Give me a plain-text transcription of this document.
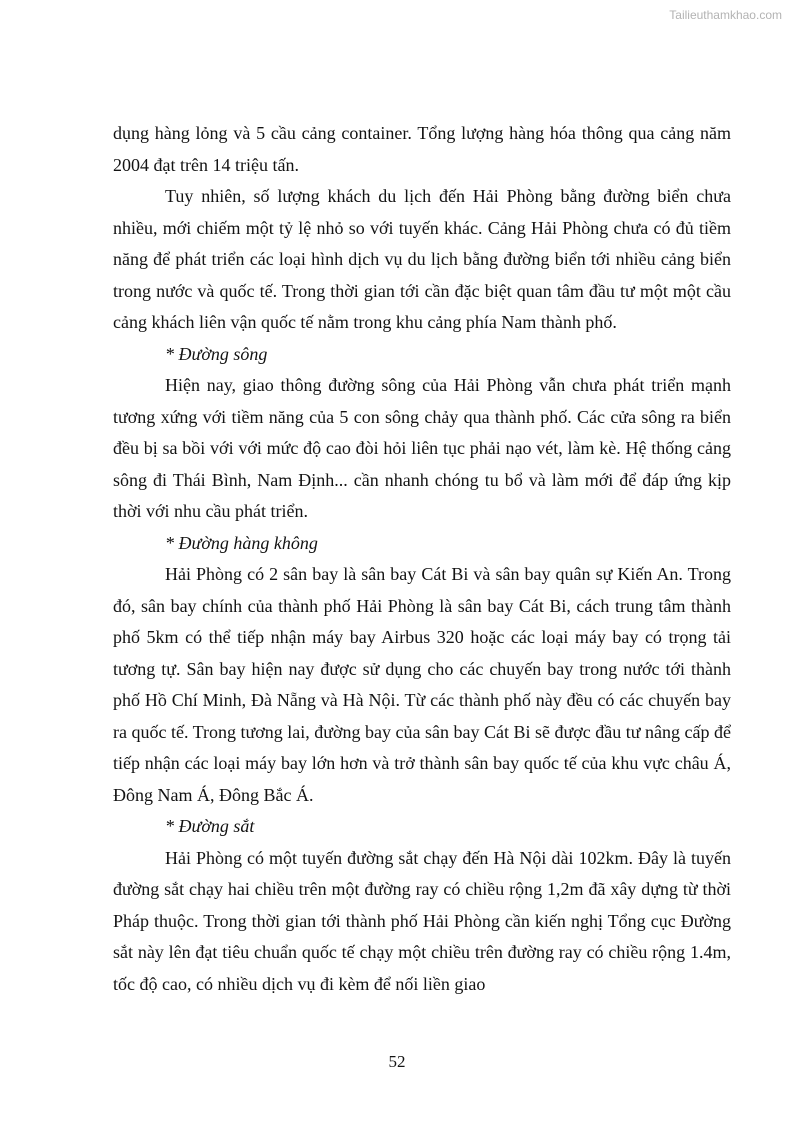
Tailieuthamkhao.com

dụng hàng lỏng và 5 cầu cảng container. Tổng lượng hàng hóa thông qua cảng năm 2004 đạt trên 14 triệu tấn.

Tuy nhiên, số lượng khách du lịch đến Hải Phòng bằng đường biển chưa nhiều, mới chiếm một tỷ lệ nhỏ so với tuyến khác. Cảng Hải Phòng chưa có đủ tiềm năng để phát triển các loại hình dịch vụ du lịch bằng đường biển tới nhiều cảng biển trong nước và quốc tế. Trong thời gian tới cần đặc biệt quan tâm đầu tư một một cầu cảng khách liên vận quốc tế nằm trong khu cảng phía Nam thành phố.

* Đường sông

Hiện nay, giao thông đường sông của Hải Phòng vẫn chưa phát triển mạnh tương xứng với tiềm năng của 5 con sông chảy qua thành phố. Các cửa sông ra biển đều bị sa bồi với với mức độ cao đòi hỏi liên tục phải nạo vét, làm kè. Hệ thống cảng sông đi Thái Bình, Nam Định... cần nhanh chóng tu bổ và làm mới để đáp ứng kịp thời với nhu cầu phát triển.

* Đường hàng không

Hải Phòng có 2 sân bay là sân bay Cát Bi và sân bay quân sự Kiến An. Trong đó, sân bay chính của thành phố Hải Phòng là sân bay Cát Bi, cách trung tâm thành phố 5km có thể tiếp nhận máy bay Airbus 320 hoặc các loại máy bay có trọng tải tương tự. Sân bay hiện nay được sử dụng cho các chuyến bay trong nước tới thành phố Hồ Chí Minh, Đà Nẵng và Hà Nội. Từ các thành phố này đều có các chuyến bay ra quốc tế. Trong tương lai, đường bay của sân bay Cát Bi sẽ được đầu tư nâng cấp để tiếp nhận các loại máy bay lớn hơn và trở thành sân bay quốc tế của khu vực châu Á, Đông Nam Á, Đông Bắc Á.

* Đường sắt

Hải Phòng có một tuyến đường sắt chạy đến Hà Nội dài 102km. Đây là tuyến đường sắt chạy hai chiều trên một đường ray có chiều rộng 1,2m đã xây dựng từ thời Pháp thuộc. Trong thời gian tới thành phố Hải Phòng cần kiến nghị Tổng cục Đường sắt này lên đạt tiêu chuẩn quốc tế chạy một chiều trên đường ray có chiều rộng 1.4m, tốc độ cao, có nhiều dịch vụ đi kèm để nối liền giao

52
